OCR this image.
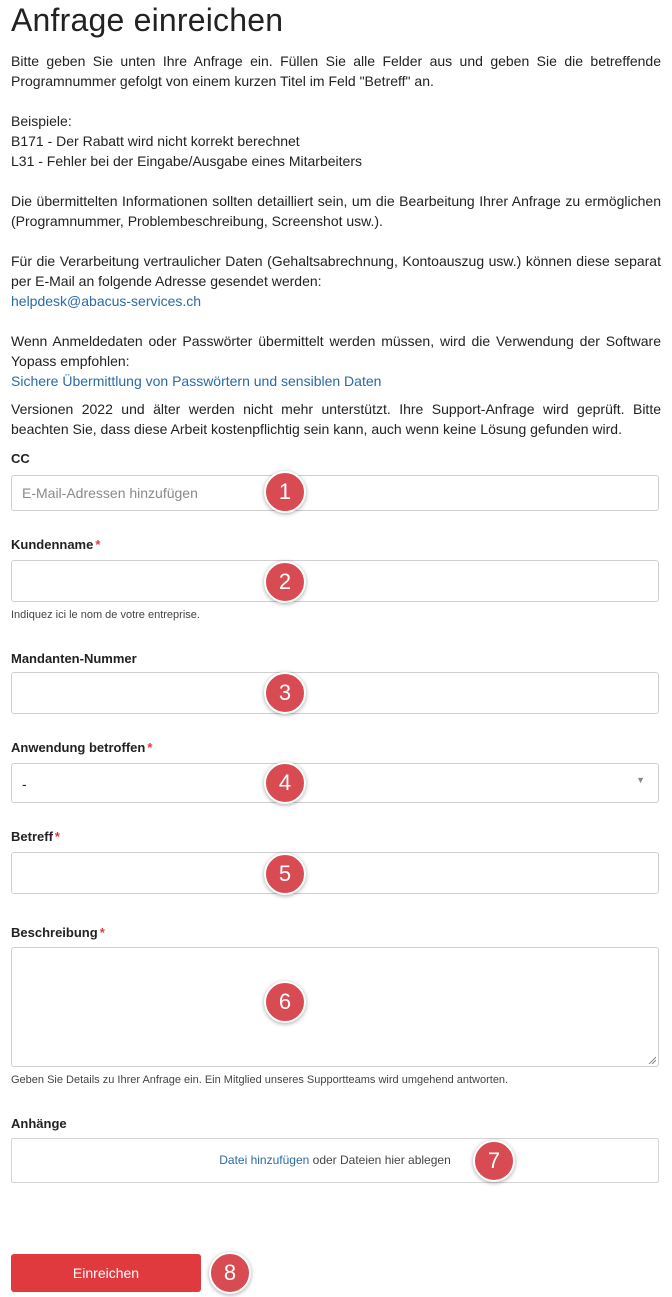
Anfrage einreichen

Bitte geben Sie unten Ihre Anfrage ein. Füllen Sie alle Felder aus und geben Sie die betreffende Programnummer gefolgt von einem kurzen Titel im Feld "Betreff" an.

Beispiele:
B171 - Der Rabatt wird nicht korrekt berechnet
L31 - Fehler bei der Eingabe/Ausgabe eines Mitarbeiters

Die übermittelten Informationen sollten detailliert sein, um die Bearbeitung Ihrer Anfrage zu ermöglichen (Programnummer, Problembeschreibung, Screenshot usw.).

Für die Verarbeitung vertraulicher Daten (Gehaltsabrechnung, Kontoauszug usw.) können diese separat per E-Mail an folgende Adresse gesendet werden:
helpdesk@abacus-services.ch

Wenn Anmeldedaten oder Passwörter übermittelt werden müssen, wird die Verwendung der Software Yopass empfohlen:
Sichere Übermittlung von Passwörtern und sensiblen Daten

Versionen 2022 und älter werden nicht mehr unterstützt. Ihre Support-Anfrage wird geprüft. Bitte beachten Sie, dass diese Arbeit kostenpflichtig sein kann, auch wenn keine Lösung gefunden wird.

CC
E-Mail-Adressen hinzufügen
1
Kundenname *
Indiquez ici le nom de votre entreprise.
2
Mandanten-Nummer
3
Anwendung betroffen *
-	▼
4
Betreff *
5
Beschreibung *
Geben Sie Details zu Ihrer Anfrage ein. Ein Mitglied unseres Supportteams wird umgehend antworten.
6
Anhänge
Datei hinzufügen oder Dateien hier ablegen	7
Einreichen	8
